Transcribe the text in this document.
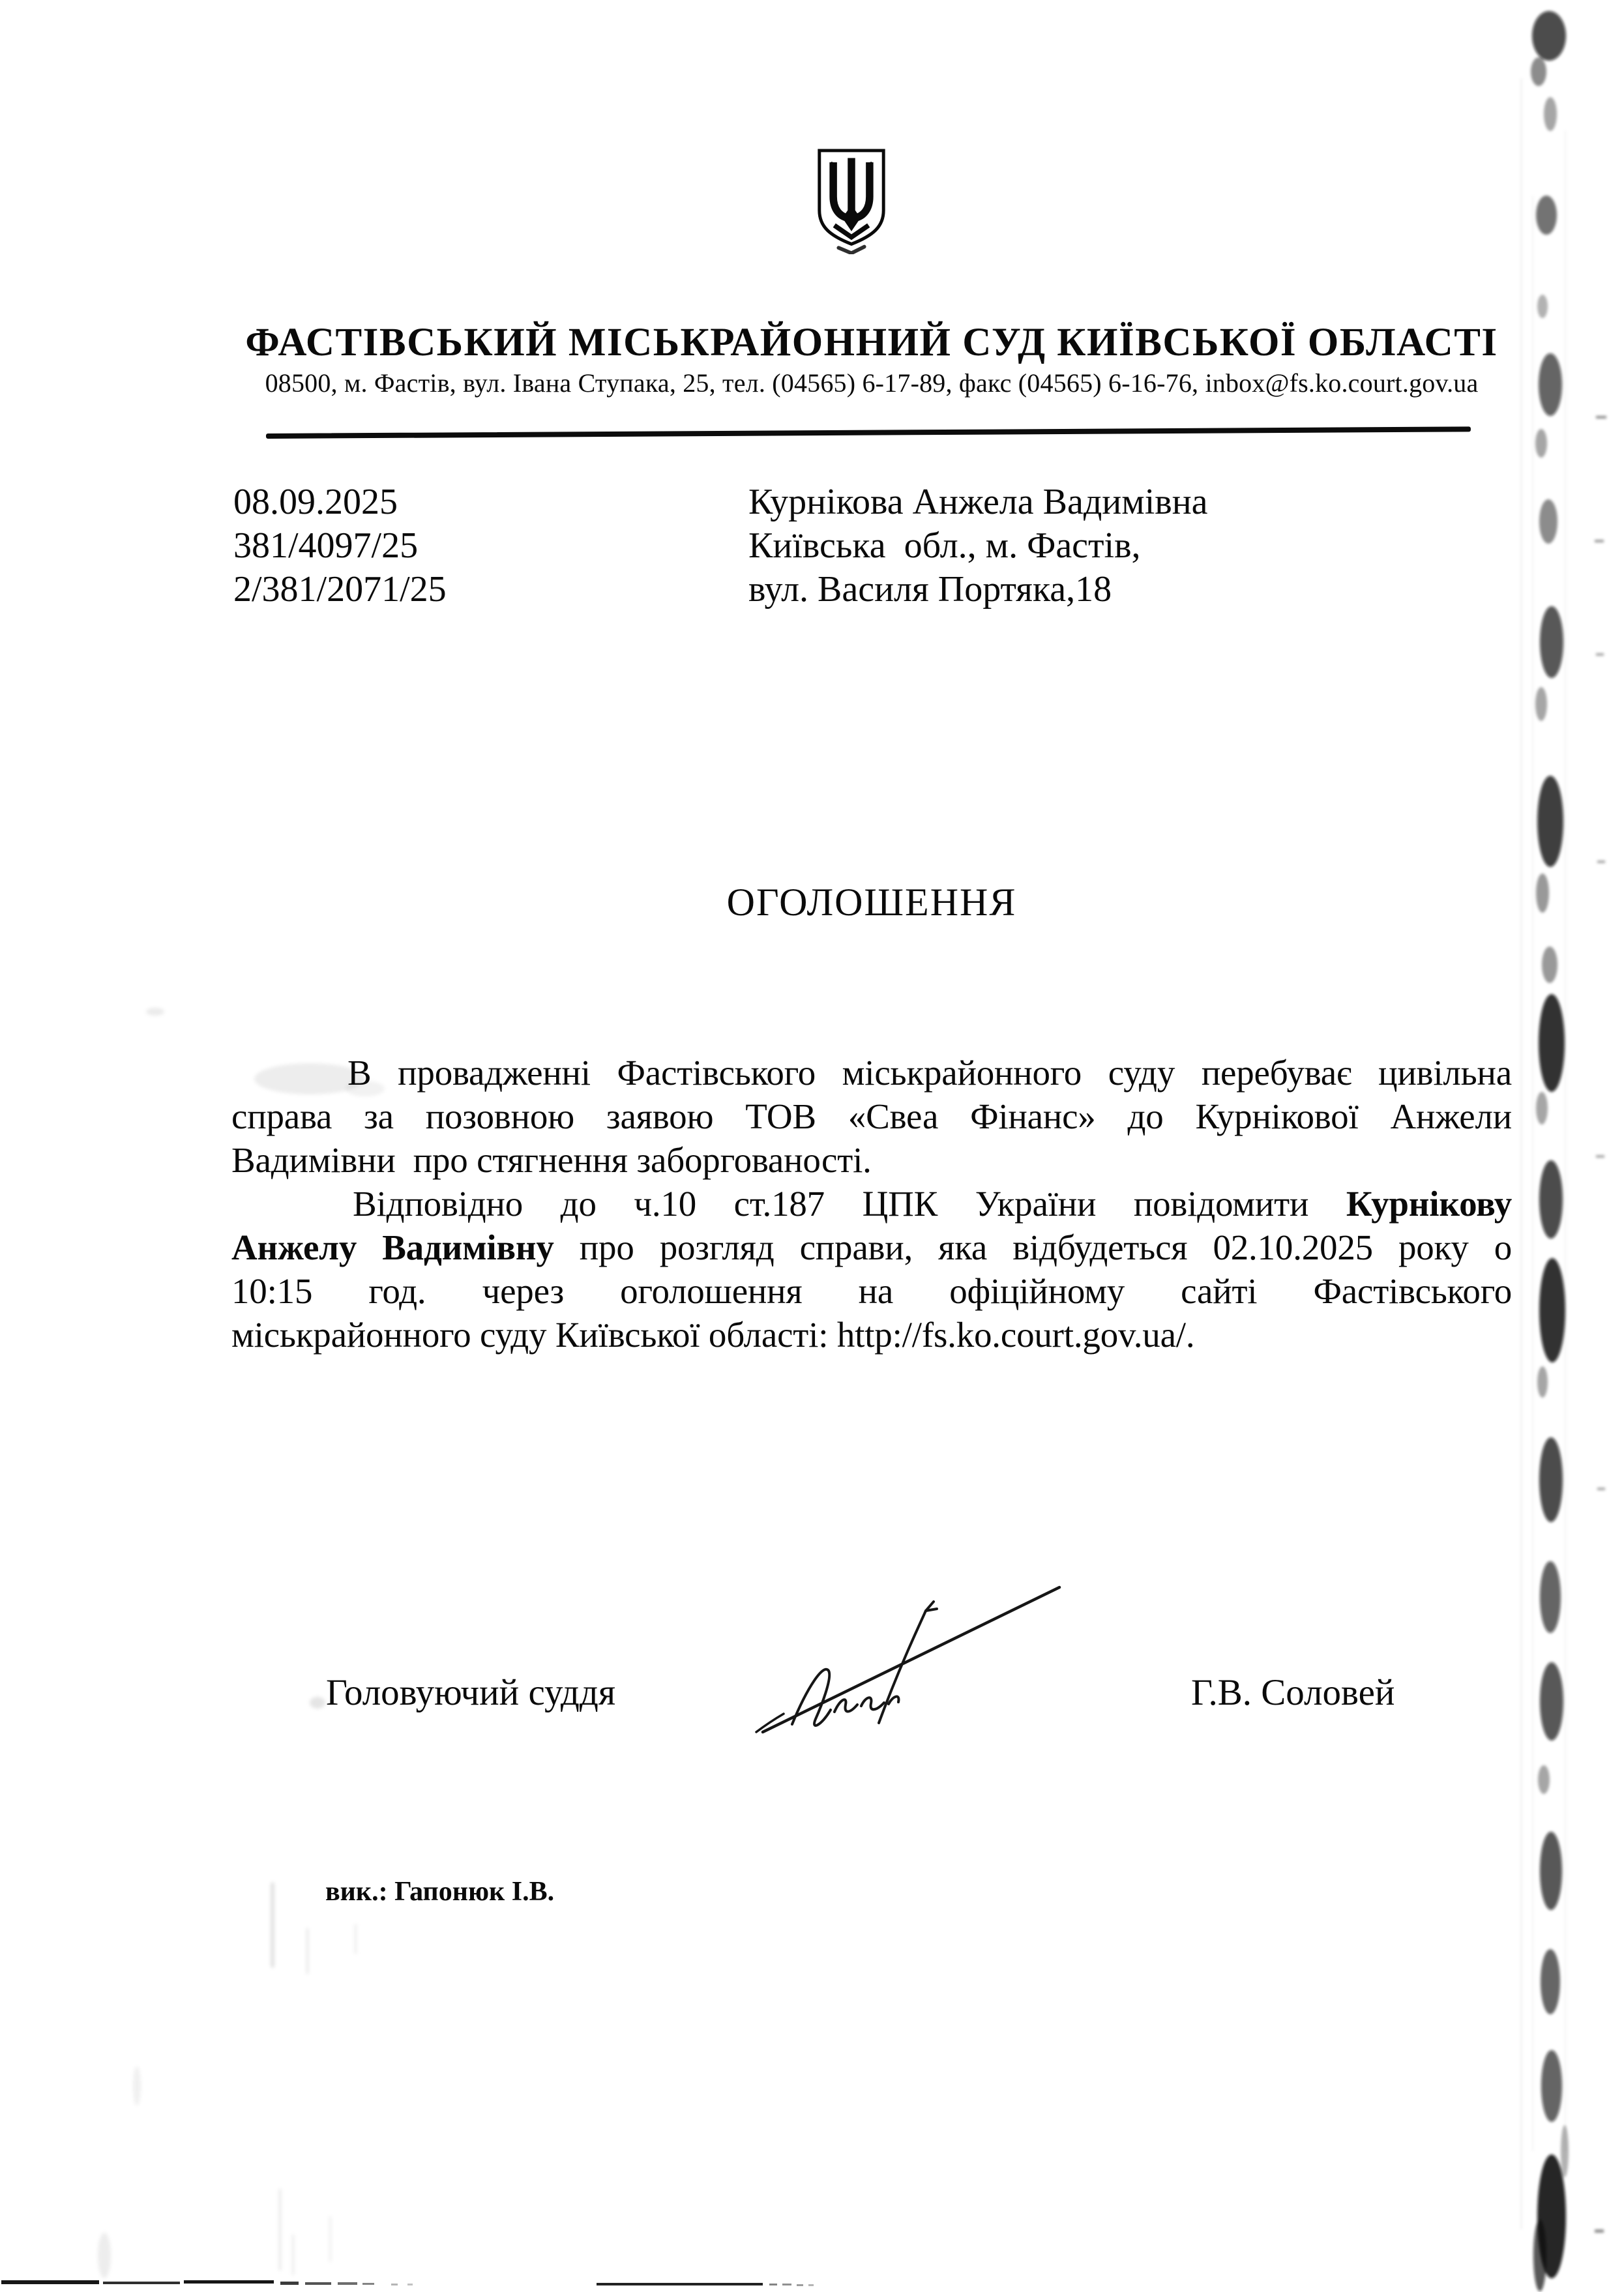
ФАСТІВСЬКИЙ МІСЬКРАЙОННИЙ СУД КИЇВСЬКОЇ ОБЛАСТІ
08500, м. Фастів, вул. Івана Ступака, 25, тел. (04565) 6-17-89, факс (04565) 6-16-76, inbox@fs.ko.court.gov.ua
08.09.2025
381/4097/25
2/381/2071/25
Курнікова Анжела Вадимівна
Київська  обл., м. Фастів,
вул. Василя Портяка,18
ОГОЛОШЕННЯ
В провадженні Фастівського міськрайонного суду перебуває цивільна
справа за позовною заявою ТОВ «Свеа Фінанс» до Курнікової Анжели
Вадимівни  про стягнення заборгованості.
Відповідно до ч.10 ст.187 ЦПК України повідомити Курнікову
Анжелу Вадимівну про розгляд справи, яка відбудеться 02.10.2025 року о
10:15 год. через оголошення на офіційному сайті Фастівського
міськрайонного суду Київської області: http://fs.ko.court.gov.ua/.
Головуючий суддя	Г.В. Соловей
вик.: Гапонюк І.В.
